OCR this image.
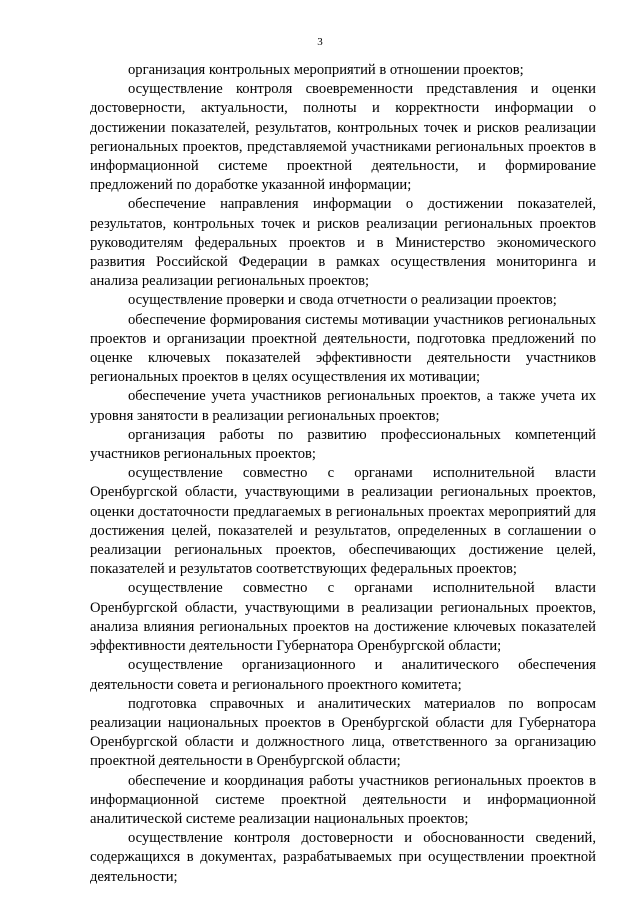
3

организация контрольных мероприятий в отношении проектов;

осуществление контроля своевременности представления и оценки достоверности, актуальности, полноты и корректности информации о достижении показателей, результатов, контрольных точек и рисков реализации региональных проектов, представляемой участниками региональных проектов в информационной системе проектной деятельности, и формирование предложений по доработке указанной информации;

обеспечение направления информации о достижении показателей, результатов, контрольных точек и рисков реализации региональных проектов руководителям федеральных проектов и в Министерство экономического развития Российской Федерации в рамках осуществления мониторинга и анализа реализации региональных проектов;

осуществление проверки и свода отчетности о реализации проектов;

обеспечение формирования системы мотивации участников региональных проектов и организации проектной деятельности, подготовка предложений по оценке ключевых показателей эффективности деятельности участников региональных проектов в целях осуществления их мотивации;

обеспечение учета участников региональных проектов, а также учета их уровня занятости в реализации региональных проектов;

организация работы по развитию профессиональных компетенций участников региональных проектов;

осуществление совместно с органами исполнительной власти Оренбургской области, участвующими в реализации региональных проектов, оценки достаточности предлагаемых в региональных проектах мероприятий для достижения целей, показателей и результатов, определенных в соглашении о реализации региональных проектов, обеспечивающих достижение целей, показателей и результатов соответствующих федеральных проектов;

осуществление совместно с органами исполнительной власти Оренбургской области, участвующими в реализации региональных проектов, анализа влияния региональных проектов на достижение ключевых показателей эффективности деятельности Губернатора Оренбургской области;

осуществление организационного и аналитического обеспечения деятельности совета и регионального проектного комитета;

подготовка справочных и аналитических материалов по вопросам реализации национальных проектов в Оренбургской области для Губернатора Оренбургской области и должностного лица, ответственного за организацию проектной деятельности в Оренбургской области;

обеспечение и координация работы участников региональных проектов в информационной системе проектной деятельности и информационной аналитической системе реализации национальных проектов;

осуществление контроля достоверности и обоснованности сведений, содержащихся в документах, разрабатываемых при осуществлении проектной деятельности;
